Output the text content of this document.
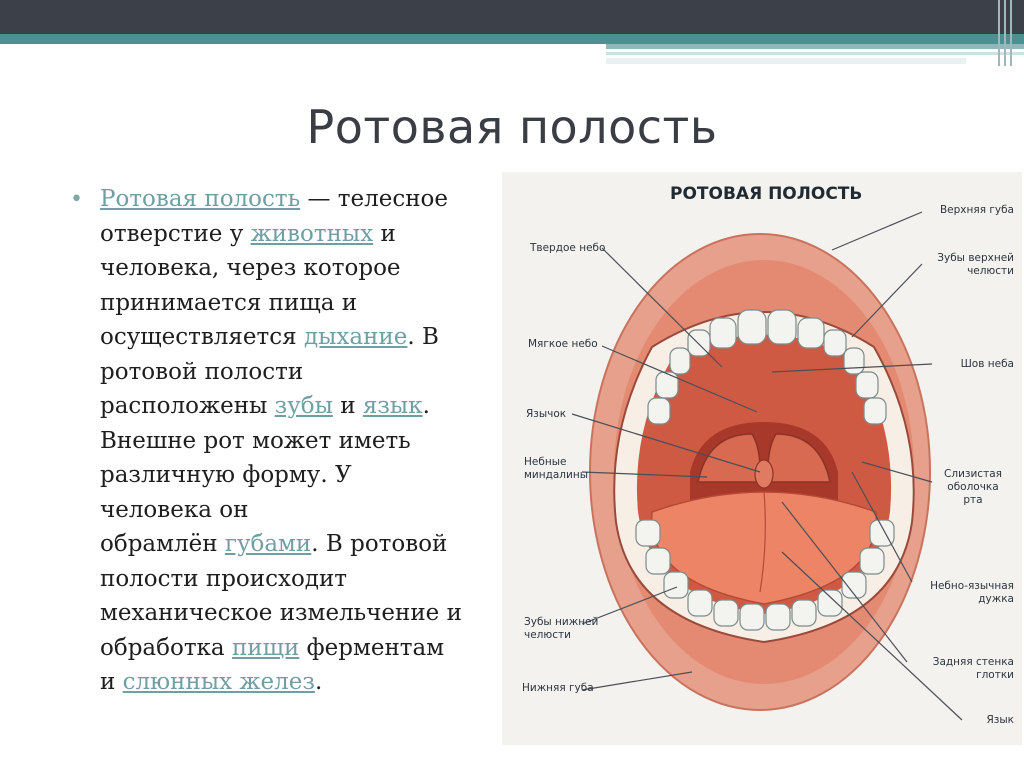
Ротовая полость
• Ротовая полость — телесное
отверстие у животных и
человека, через которое
принимается пища и
осуществляется дыхание. В
ротовой полости
расположены зубы и язык.
Внешне рот может иметь
различную форму. У
человека он
обрамлён губами. В ротовой
полости происходит
механическое измельчение и
обработка пищи ферментам
и слюнных желез.
РОТОВАЯ ПОЛОСТЬ
Верхняя губа
Зубы верхней
челюсти
Шов неба
Слизистая
оболочка
рта
Небно-язычная
дужка
Задняя стенка
глотки
Язык
Твердое небо
Мягкое небо
Язычок
Небные
миндалины
Зубы нижней
челюсти
Нижняя губа
